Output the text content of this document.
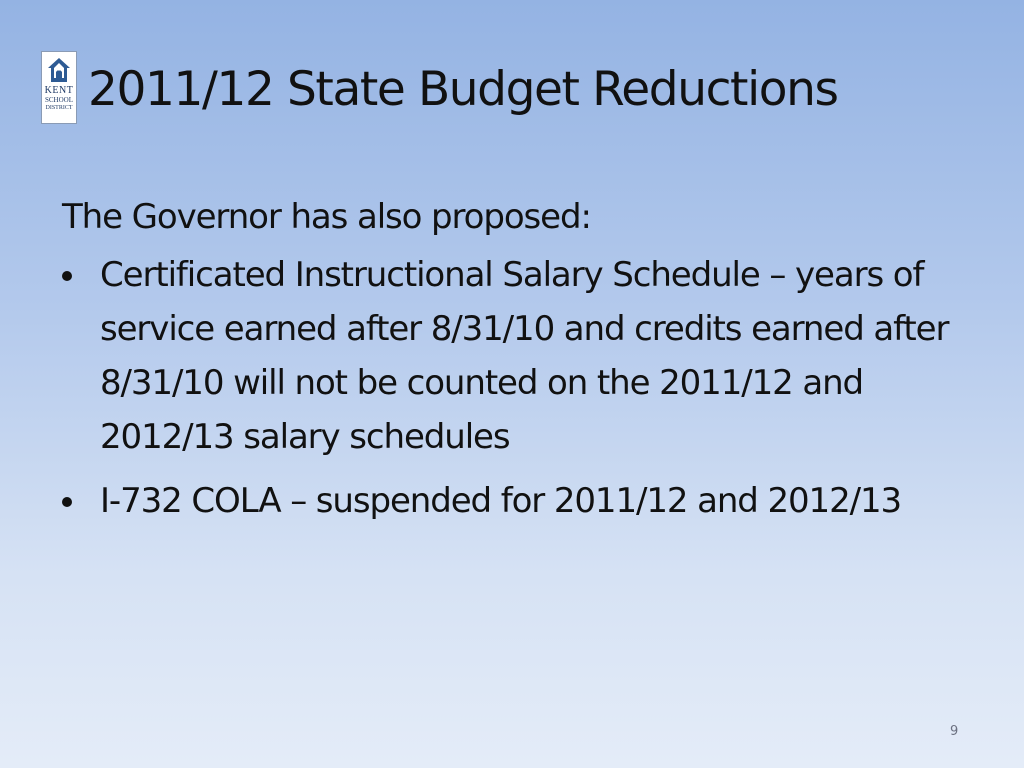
KENT
SCHOOL
DISTRICT 2011/12 State Budget Reductions

The Governor has also proposed:

Certificated Instructional Salary Schedule – years of service earned after 8/31/10 and credits earned after 8/31/10 will not be counted on the 2011/12 and 2012/13 salary schedules
I-732 COLA – suspended for 2011/12 and 2012/13
9
